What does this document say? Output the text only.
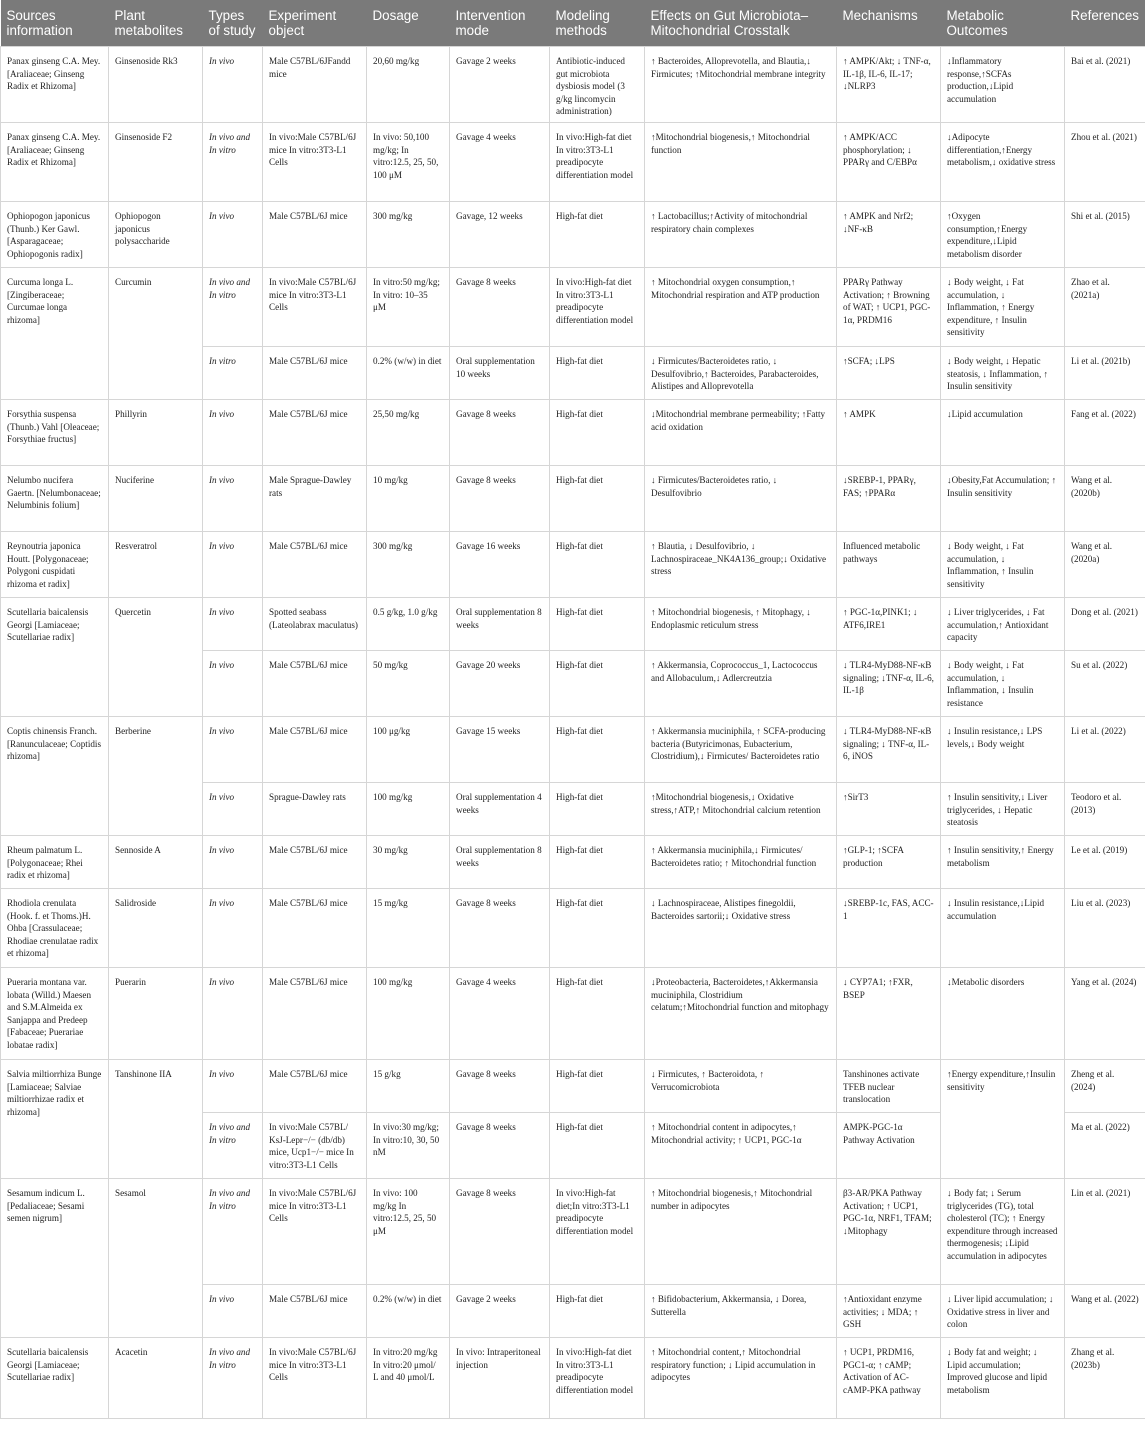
Sources information	Plant metabolites	Types of study	Experiment object	Dosage	Intervention mode	Modeling methods	Effects on Gut Microbiota–Mitochondrial Crosstalk	Mechanisms	Metabolic Outcomes	References
Panax ginseng C.A. Mey. [Araliaceae; Ginseng Radix et Rhizoma]	Ginsenoside Rk3	In vivo	Male C57BL/6JFandd mice	20,60 mg/kg	Gavage 2 weeks	Antibiotic-induced gut microbiota dysbiosis model (3 g/kg lincomycin administration)	↑ Bacteroides, Alloprevotella, and Blautia,↓ Firmicutes; ↑Mitochondrial membrane integrity	↑ AMPK/Akt; ↓ TNF-α, IL-1β, IL-6, IL-17; ↓NLRP3	↓Inflammatory response,↑SCFAs production,↓Lipid accumulation	Bai et al. (2021)
Panax ginseng C.A. Mey. [Araliaceae; Ginseng Radix et Rhizoma]	Ginsenoside F2	In vivo and In vitro	In vivo:Male C57BL/6J mice In vitro:3T3-L1 Cells	In vivo: 50,100 mg/kg; In vitro:12.5, 25, 50, 100 μM	Gavage 4 weeks	In vivo:High-fat diet In vitro:3T3-L1 preadipocyte differentiation model	↑Mitochondrial biogenesis,↑ Mitochondrial function	↑ AMPK/ACC phosphorylation; ↓ PPARγ and C/EBPα	↓Adipocyte differentiation,↑Energy metabolism,↓ oxidative stress	Zhou et al. (2021)
Ophiopogon japonicus (Thunb.) Ker Gawl. [Asparagaceae; Ophiopogonis radix]	Ophiopogon japonicus polysaccharide	In vivo	Male C57BL/6J mice	300 mg/kg	Gavage, 12 weeks	High-fat diet	↑ Lactobacillus;↑Activity of mitochondrial respiratory chain complexes	↑ AMPK and Nrf2; ↓NF-κB	↑Oxygen consumption,↑Energy expenditure,↓Lipid metabolism disorder	Shi et al. (2015)
Curcuma longa L. [Zingiberaceae; Curcumae longa rhizoma]	Curcumin	In vivo and In vitro	In vivo:Male C57BL/6J mice In vitro:3T3-L1 Cells	In vitro:50 mg/kg; In vitro: 10–35 μM	Gavage 8 weeks	In vivo:High-fat diet In vitro:3T3-L1 preadipocyte differentiation model	↑ Mitochondrial oxygen consumption,↑ Mitochondrial respiration and ATP production	PPARγ Pathway Activation; ↑ Browning of WAT; ↑ UCP1, PGC-1α, PRDM16	↓ Body weight, ↓ Fat accumulation, ↓ Inflammation, ↑ Energy expenditure, ↑ Insulin sensitivity	Zhao et al. (2021a)
		In vitro	Male C57BL/6J mice	0.2% (w/w) in diet	Oral supplementation 10 weeks	High-fat diet	↓ Firmicutes/Bacteroidetes ratio, ↓ Desulfovibrio,↑ Bacteroides, Parabacteroides, Alistipes and Alloprevotella	↑SCFA; ↓LPS	↓ Body weight, ↓ Hepatic steatosis, ↓ Inflammation, ↑ Insulin sensitivity	Li et al. (2021b)
Forsythia suspensa (Thunb.) Vahl [Oleaceae; Forsythiae fructus]	Phillyrin	In vivo	Male C57BL/6J mice	25,50 mg/kg	Gavage 8 weeks	High-fat diet	↓Mitochondrial membrane permeability; ↑Fatty acid oxidation	↑ AMPK	↓Lipid accumulation	Fang et al. (2022)
Nelumbo nucifera Gaertn. [Nelumbonaceae; Nelumbinis folium]	Nuciferine	In vivo	Male Sprague-Dawley rats	10 mg/kg	Gavage 8 weeks	High-fat diet	↓ Firmicutes/Bacteroidetes ratio, ↓ Desulfovibrio	↓SREBP-1, PPARγ, FAS; ↑PPARα	↓Obesity,Fat Accumulation; ↑ Insulin sensitivity	Wang et al. (2020b)
Reynoutria japonica Houtt. [Polygonaceae; Polygoni cuspidati rhizoma et radix]	Resveratrol	In vivo	Male C57BL/6J mice	300 mg/kg	Gavage 16 weeks	High-fat diet	↑ Blautia, ↓ Desulfovibrio, ↓ Lachnospiraceae_NK4A136_group;↓ Oxidative stress	Influenced metabolic pathways	↓ Body weight, ↓ Fat accumulation, ↓ Inflammation, ↑ Insulin sensitivity	Wang et al. (2020a)
Scutellaria baicalensis Georgi [Lamiaceae; Scutellariae radix]	Quercetin	In vivo	Spotted seabass (Lateolabrax maculatus)	0.5 g/kg, 1.0 g/kg	Oral supplementation 8 weeks	High-fat diet	↑ Mitochondrial biogenesis, ↑ Mitophagy, ↓ Endoplasmic reticulum stress	↑ PGC-1α,PINK1; ↓ ATF6,IRE1	↓ Liver triglycerides, ↓ Fat accumulation,↑ Antioxidant capacity	Dong et al. (2021)
		In vivo	Male C57BL/6J mice	50 mg/kg	Gavage 20 weeks	High-fat diet	↑ Akkermansia, Coprococcus_1, Lactococcus and Allobaculum,↓ Adlercreutzia	↓ TLR4-MyD88-NF-κB signaling; ↓TNF-α, IL-6, IL-1β	↓ Body weight, ↓ Fat accumulation, ↓ Inflammation, ↓ Insulin resistance	Su et al. (2022)
Coptis chinensis Franch. [Ranunculaceae; Coptidis rhizoma]	Berberine	In vivo	Male C57BL/6J mice	100 μg/kg	Gavage 15 weeks	High-fat diet	↑ Akkermansia muciniphila, ↑ SCFA-producing bacteria (Butyricimonas, Eubacterium, Clostridium),↓ Firmicutes/ Bacteroidetes ratio	↓ TLR4-MyD88-NF-κB signaling; ↓ TNF-α, IL-6, iNOS	↓ Insulin resistance,↓ LPS levels,↓ Body weight	Li et al. (2022)
		In vivo	Sprague-Dawley rats	100 mg/kg	Oral supplementation 4 weeks	High-fat diet	↑Mitochondrial biogenesis,↓ Oxidative stress,↑ATP,↑ Mitochondrial calcium retention	↑SirT3	↑ Insulin sensitivity,↓ Liver triglycerides, ↓ Hepatic steatosis	Teodoro et al. (2013)
Rheum palmatum L. [Polygonaceae; Rhei radix et rhizoma]	Sennoside A	In vivo	Male C57BL/6J mice	30 mg/kg	Oral supplementation 8 weeks	High-fat diet	↑ Akkermansia muciniphila,↓ Firmicutes/ Bacteroidetes ratio; ↑ Mitochondrial function	↑GLP-1; ↑SCFA production	↑ Insulin sensitivity,↑ Energy metabolism	Le et al. (2019)
Rhodiola crenulata (Hook. f. et Thoms.)H. Ohba [Crassulaceae; Rhodiae crenulatae radix et rhizoma]	Salidroside	In vivo	Male C57BL/6J mice	15 mg/kg	Gavage 8 weeks	High-fat diet	↓ Lachnospiraceae, Alistipes finegoldii, Bacteroides sartorii;↓ Oxidative stress	↓SREBP-1c, FAS, ACC-1	↓ Insulin resistance,↓Lipid accumulation	Liu et al. (2023)
Pueraria montana var. lobata (Willd.) Maesen and S.M.Almeida ex Sanjappa and Predeep [Fabaceae; Puerariae lobatae radix]	Puerarin	In vivo	Male C57BL/6J mice	100 mg/kg	Gavage 4 weeks	High-fat diet	↓Proteobacteria, Bacteroidetes,↑Akkermansia muciniphila, Clostridium celatum;↑Mitochondrial function and mitophagy	↓ CYP7A1; ↑FXR, BSEP	↓Metabolic disorders	Yang et al. (2024)
Salvia miltiorrhiza Bunge [Lamiaceae; Salviae miltiorrhizae radix et rhizoma]	Tanshinone IIA	In vivo	Male C57BL/6J mice	15 g/kg	Gavage 8 weeks	High-fat diet	↓ Firmicutes, ↑ Bacteroidota, ↑ Verrucomicrobiota	Tanshinones activate TFEB nuclear translocation	↑Energy expenditure,↑Insulin sensitivity	Zheng et al. (2024)
		In vivo and In vitro	In vivo:Male C57BL/ KsJ-Lepr−/− (db/db) mice, Ucp1−/− mice In vitro:3T3-L1 Cells	In vivo:30 mg/kg; In vitro:10, 30, 50 nM	Gavage 8 weeks	High-fat diet	↑ Mitochondrial content in adipocytes,↑ Mitochondrial activity; ↑ UCP1, PGC-1α	AMPK-PGC-1α Pathway Activation		Ma et al. (2022)
Sesamum indicum L. [Pedaliaceae; Sesami semen nigrum]	Sesamol	In vivo and In vitro	In vivo:Male C57BL/6J mice In vitro:3T3-L1 Cells	In vivo: 100 mg/kg In vitro:12.5, 25, 50 μM	Gavage 8 weeks	In vivo:High-fat diet;In vitro:3T3-L1 preadipocyte differentiation model	↑ Mitochondrial biogenesis,↑ Mitochondrial number in adipocytes	β3-AR/PKA Pathway Activation; ↑ UCP1, PGC-1α, NRF1, TFAM; ↓Mitophagy	↓ Body fat; ↓ Serum triglycerides (TG), total cholesterol (TC); ↑ Energy expenditure through increased thermogenesis; ↓Lipid accumulation in adipocytes	Lin et al. (2021)
		In vivo	Male C57BL/6J mice	0.2% (w/w) in diet	Gavage 2 weeks	High-fat diet	↑ Bifidobacterium, Akkermansia, ↓ Dorea, Sutterella	↑Antioxidant enzyme activities; ↓ MDA; ↑ GSH	↓ Liver lipid accumulation; ↓ Oxidative stress in liver and colon	Wang et al. (2022)
Scutellaria baicalensis Georgi [Lamiaceae; Scutellariae radix]	Acacetin	In vivo and In vitro	In vivo:Male C57BL/6J mice In vitro:3T3-L1 Cells	In vitro:20 mg/kg In vitro:20 μmol/ L and 40 μmol/L	In vivo: Intraperitoneal injection	In vivo:High-fat diet In vitro:3T3-L1 preadipocyte differentiation model	↑ Mitochondrial content,↑ Mitochondrial respiratory function; ↓ Lipid accumulation in adipocytes	↑ UCP1, PRDM16, PGC1-α; ↑ cAMP; Activation of AC-cAMP-PKA pathway	↓ Body fat and weight; ↓ Lipid accumulation; Improved glucose and lipid metabolism	Zhang et al. (2023b)
